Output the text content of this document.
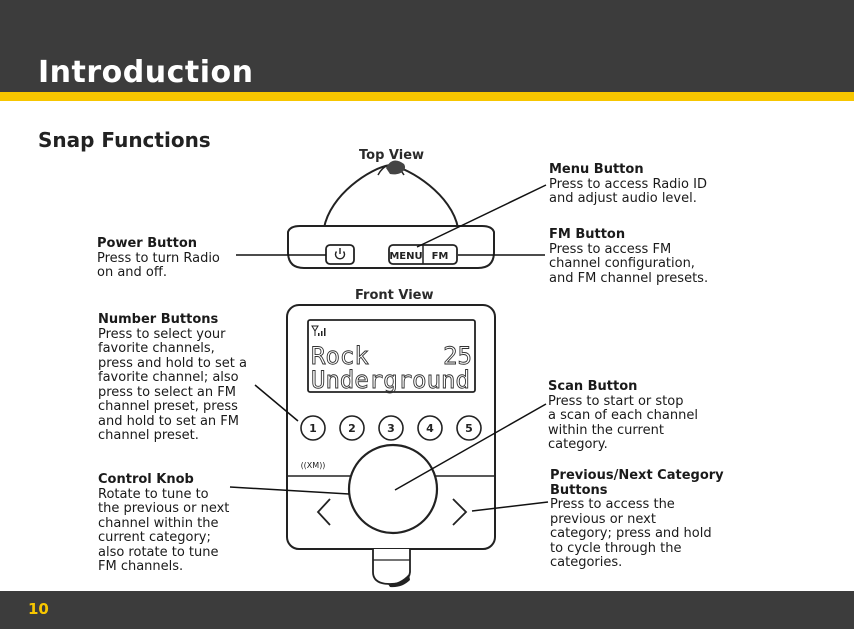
Introduction
Snap Functions
MENU FM
Rock	25
Underground
1	2	3	4	5
((XM))
Top View
Front View
Menu Button
Press to access Radio ID
and adjust audio level.
FM Button
Press to access FM
channel configuration,
and FM channel presets.
Power Button
Press to turn Radio
on and off.
Number Buttons
Press to select your
favorite channels,
press and hold to set a
favorite channel; also
press to select an FM
channel preset, press
and hold to set an FM
channel preset.
Scan Button
Press to start or stop
a scan of each channel
within the current
category.
Control Knob
Rotate to tune to
the previous or next
channel within the
current category;
also rotate to tune
FM channels.
Previous/Next Category
Buttons
Press to access the
previous or next
category; press and hold
to cycle through the
categories.
10
